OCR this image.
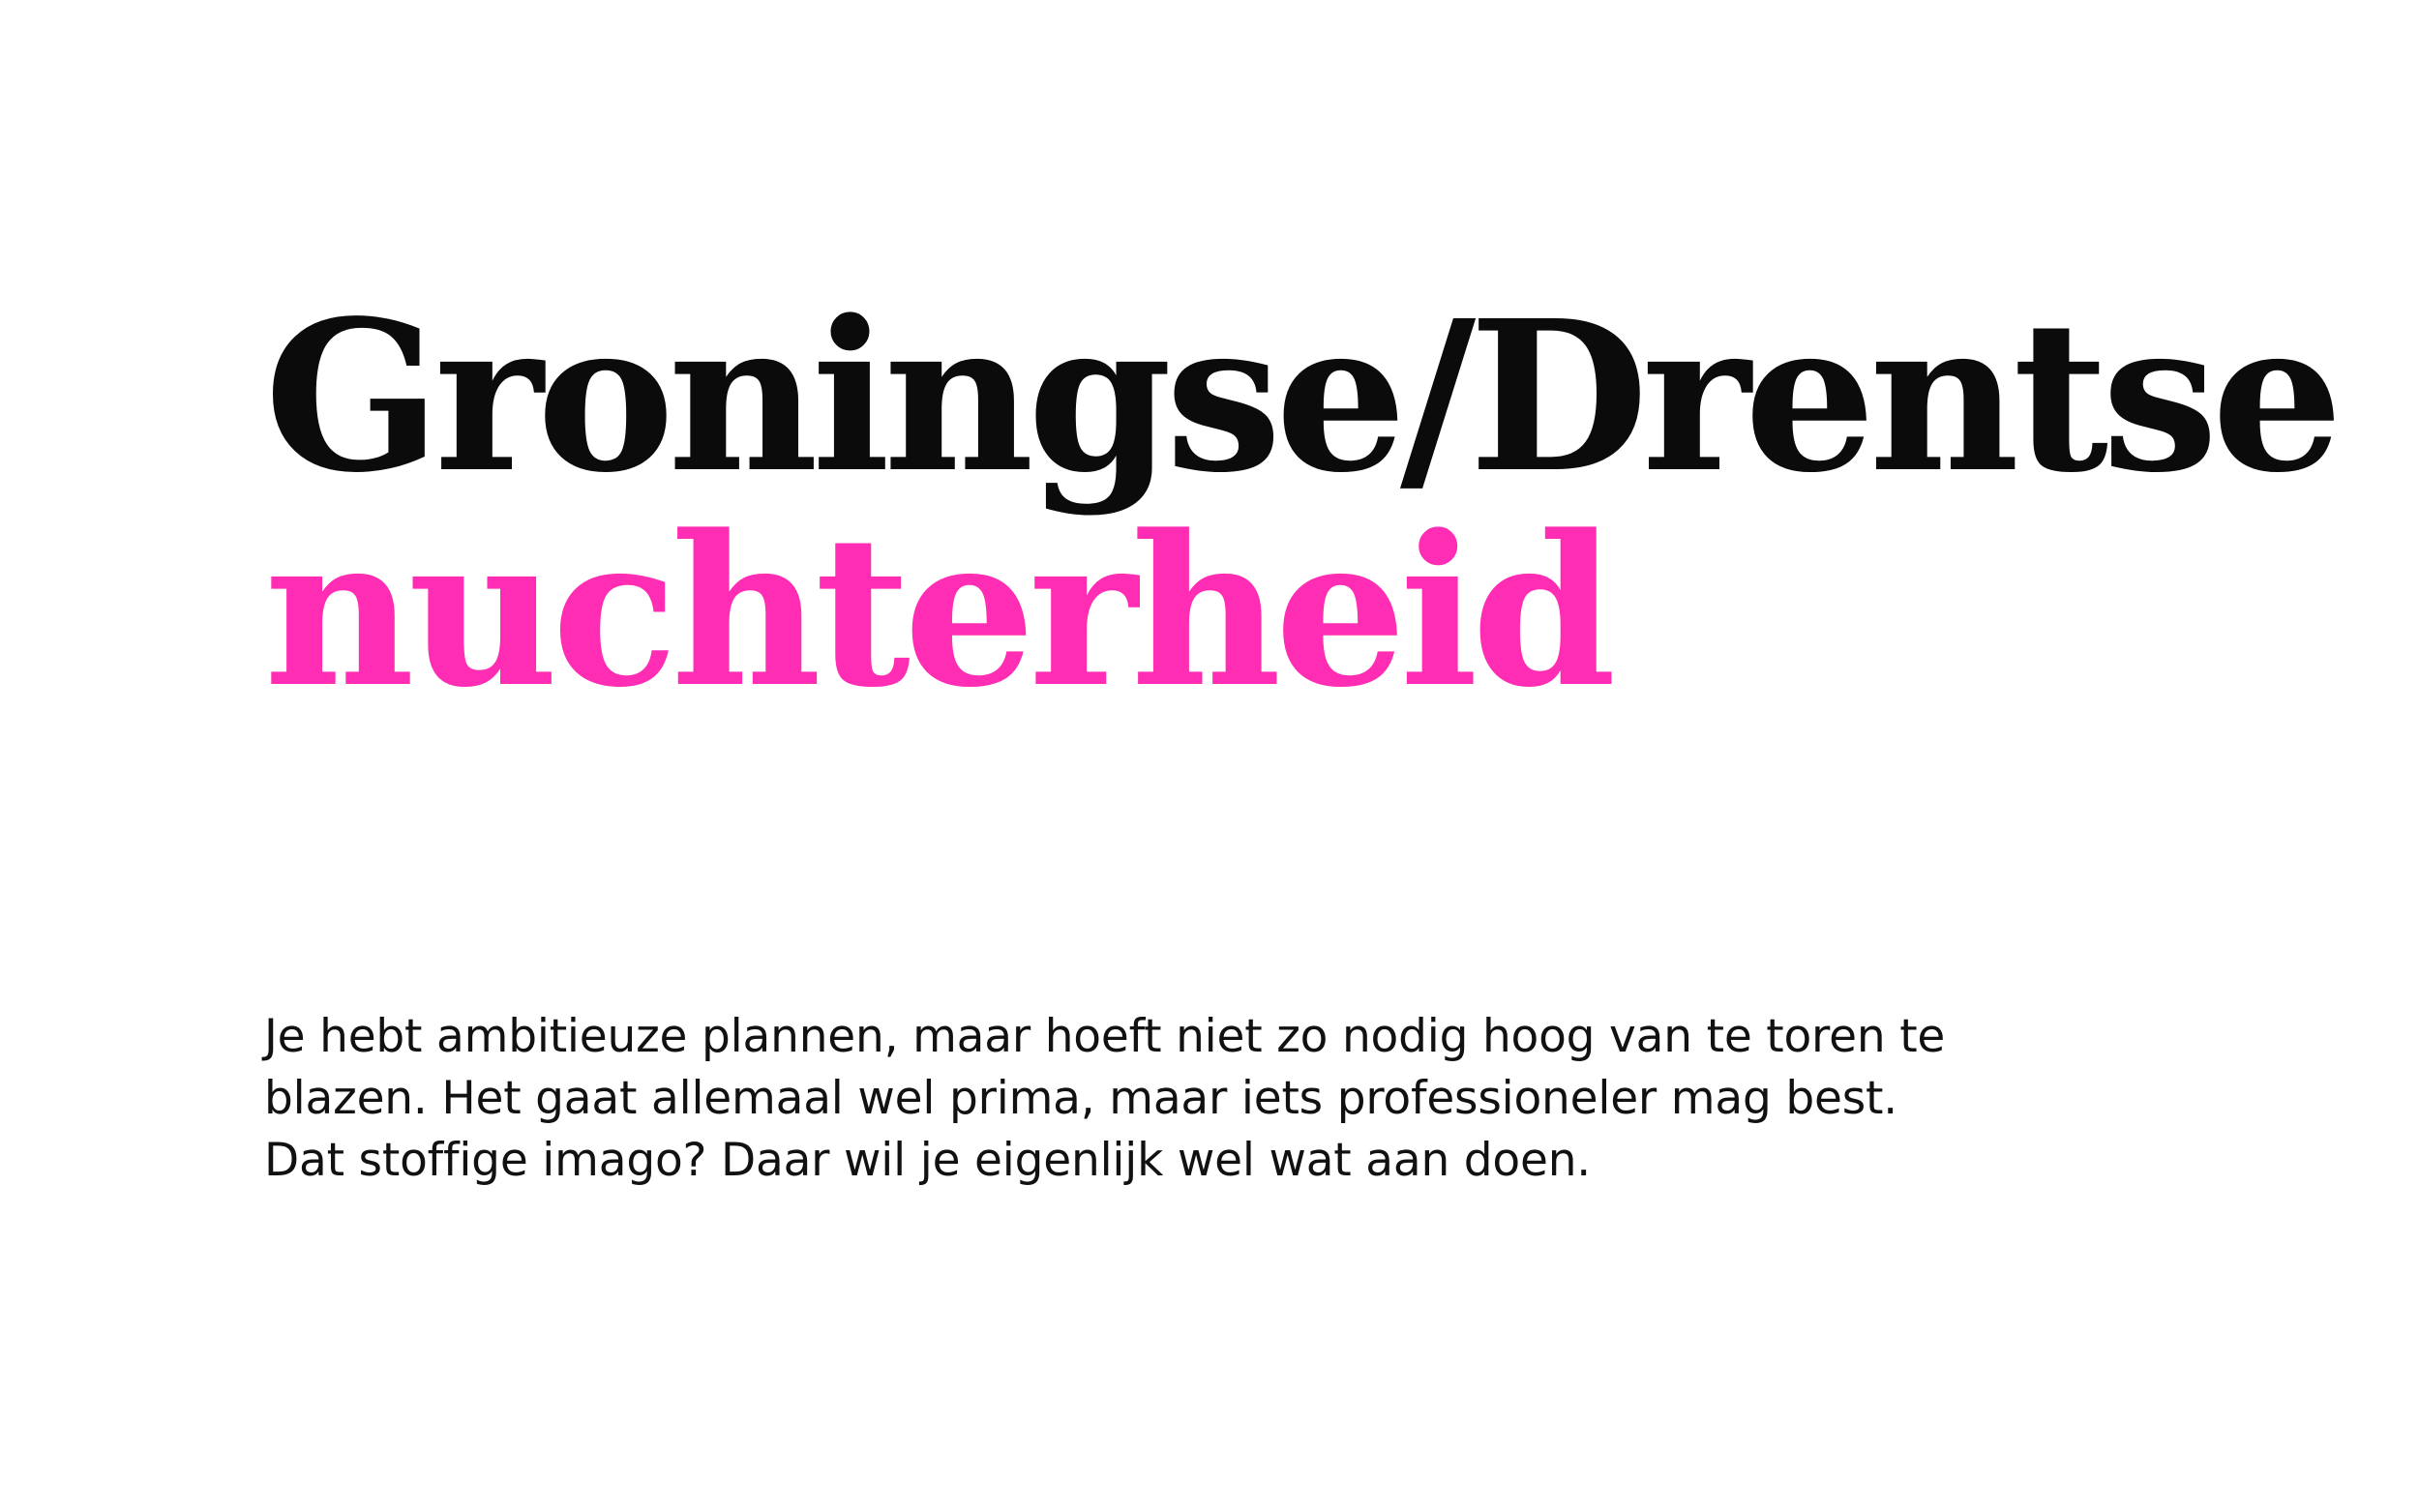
Groningse/Drentse
nuchterheid

Je hebt ambitieuze plannen, maar hoeft niet zo nodig hoog van te toren te
blazen. Het gaat allemaal wel prima, maar iets professioneler mag best.
Dat stoffige imago? Daar wil je eigenlijk wel wat aan doen.
